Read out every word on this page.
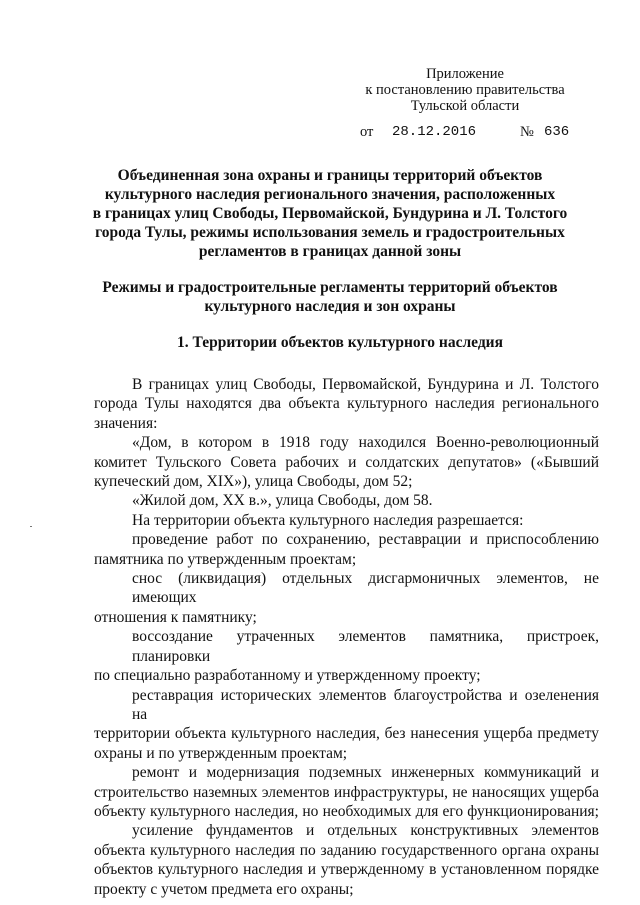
Приложение
к постановлению правительства
Тульской области
от 28.12.2016	№ 636
Объединенная зона охраны и границы территорий объектов
культурного наследия регионального значения, расположенных
в границах улиц Свободы, Первомайской, Бундурина и Л. Толстого
города Тулы, режимы использования земель и градостроительных
регламентов в границах данной зоны
Режимы и градостроительные регламенты территорий объектов
культурного наследия и зон охраны
1. Территории объектов культурного наследия
В границах улиц Свободы, Первомайской, Бундурина и Л. Толстого
города Тулы находятся два объекта культурного наследия регионального
значения:
«Дом, в котором в 1918 году находился Военно-революционный
комитет Тульского Совета рабочих и солдатских депутатов» («Бывший
купеческий дом, XIX»), улица Свободы, дом 52;
«Жилой дом, XX в.», улица Свободы, дом 58.
На территории объекта культурного наследия разрешается:
проведение работ по сохранению, реставрации и приспособлению
памятника по утвержденным проектам;
снос (ликвидация) отдельных дисгармоничных элементов, не имеющих
отношения к памятнику;
воссоздание утраченных элементов памятника, пристроек, планировки
по специально разработанному и утвержденному проекту;
реставрация исторических элементов благоустройства и озеленения на
территории объекта культурного наследия, без нанесения ущерба предмету
охраны и по утвержденным проектам;
ремонт и модернизация подземных инженерных коммуникаций и
строительство наземных элементов инфраструктуры, не наносящих ущерба
объекту культурного наследия, но необходимых для его функционирования;
усиление фундаментов и отдельных конструктивных элементов
объекта культурного наследия по заданию государственного органа охраны
объектов культурного наследия и утвержденному в установленном порядке
проекту с учетом предмета его охраны;
